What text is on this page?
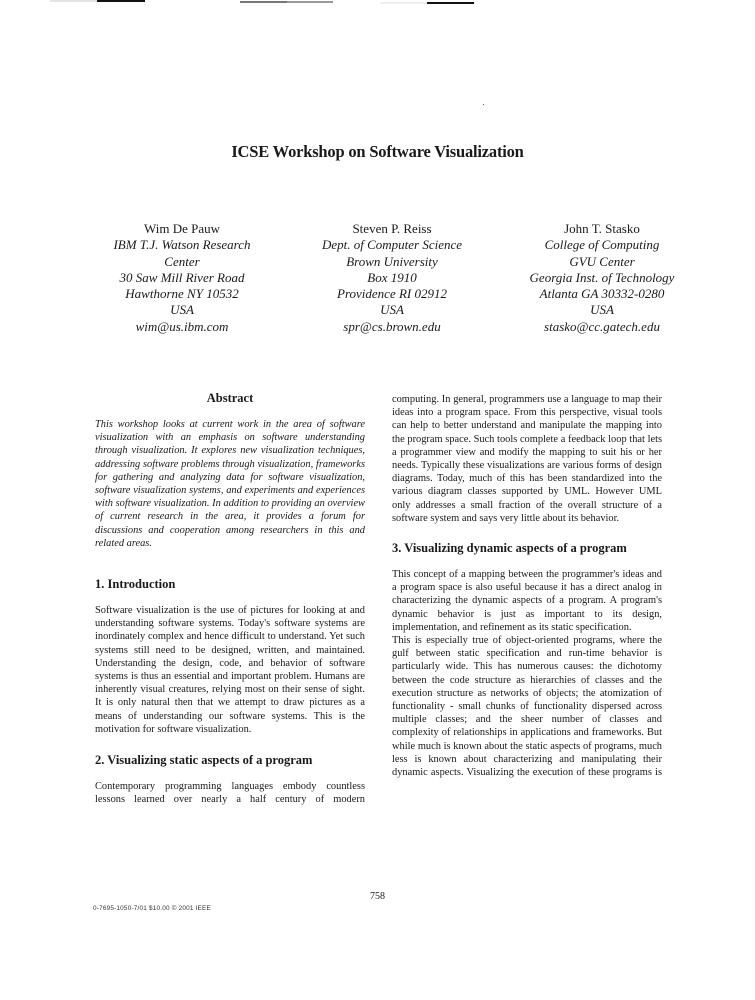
ICSE Workshop on Software Visualization
Wim De Pauw
IBM T.J. Watson Research
Center
30 Saw Mill River Road
Hawthorne NY 10532
USA
wim@us.ibm.com
Steven P. Reiss
Dept. of Computer Science
Brown University
Box 1910
Providence RI 02912
USA
spr@cs.brown.edu
John T. Stasko
College of Computing
GVU Center
Georgia Inst. of Technology
Atlanta GA 30332-0280
USA
stasko@cc.gatech.edu
Abstract

This workshop looks at current work in the area of software visualization with an emphasis on software understanding through visualization. It explores new visualization techniques, addressing software problems through visualization, frameworks for gathering and analyzing data for software visualization, software visualization systems, and experiments and experiences with software visualization. In addition to providing an overview of current research in the area, it provides a forum for discussions and cooperation among researchers in this and related areas.

1. Introduction

Software visualization is the use of pictures for looking at and understanding software systems. Today's software systems are inordinately complex and hence difficult to understand. Yet such systems still need to be designed, written, and maintained. Understanding the design, code, and behavior of software systems is thus an essential and important problem. Humans are inherently visual creatures, relying most on their sense of sight. It is only natural then that we attempt to draw pictures as a means of understanding our software systems. This is the motivation for software visualization.

2. Visualizing static aspects of a program

Contemporary programming languages embody countless lessons learned over nearly a half century of modern

computing. In general, programmers use a language to map their ideas into a program space. From this perspective, visual tools can help to better understand and manipulate the mapping into the program space. Such tools complete a feedback loop that lets a programmer view and modify the mapping to suit his or her needs. Typically these visualizations are various forms of design diagrams. Today, much of this has been standardized into the various diagram classes supported by UML. However UML only addresses a small fraction of the overall structure of a software system and says very little about its behavior.

3. Visualizing dynamic aspects of a program

This concept of a mapping between the programmer's ideas and a program space is also useful because it has a direct analog in characterizing the dynamic aspects of a program. A program's dynamic behavior is just as important to its design, implementation, and refinement as its static specification.

This is especially true of object-oriented programs, where the gulf between static specification and run-time behavior is particularly wide. This has numerous causes: the dichotomy between the code structure as hierarchies of classes and the execution structure as networks of objects; the atomization of functionality - small chunks of functionality dispersed across multiple classes; and the sheer number of classes and complexity of relationships in applications and frameworks. But while much is known about the static aspects of programs, much less is known about characterizing and manipulating their dynamic aspects. Visualizing the execution of these programs is

758
0-7695-1050-7/01 $10.00 © 2001 IEEE
